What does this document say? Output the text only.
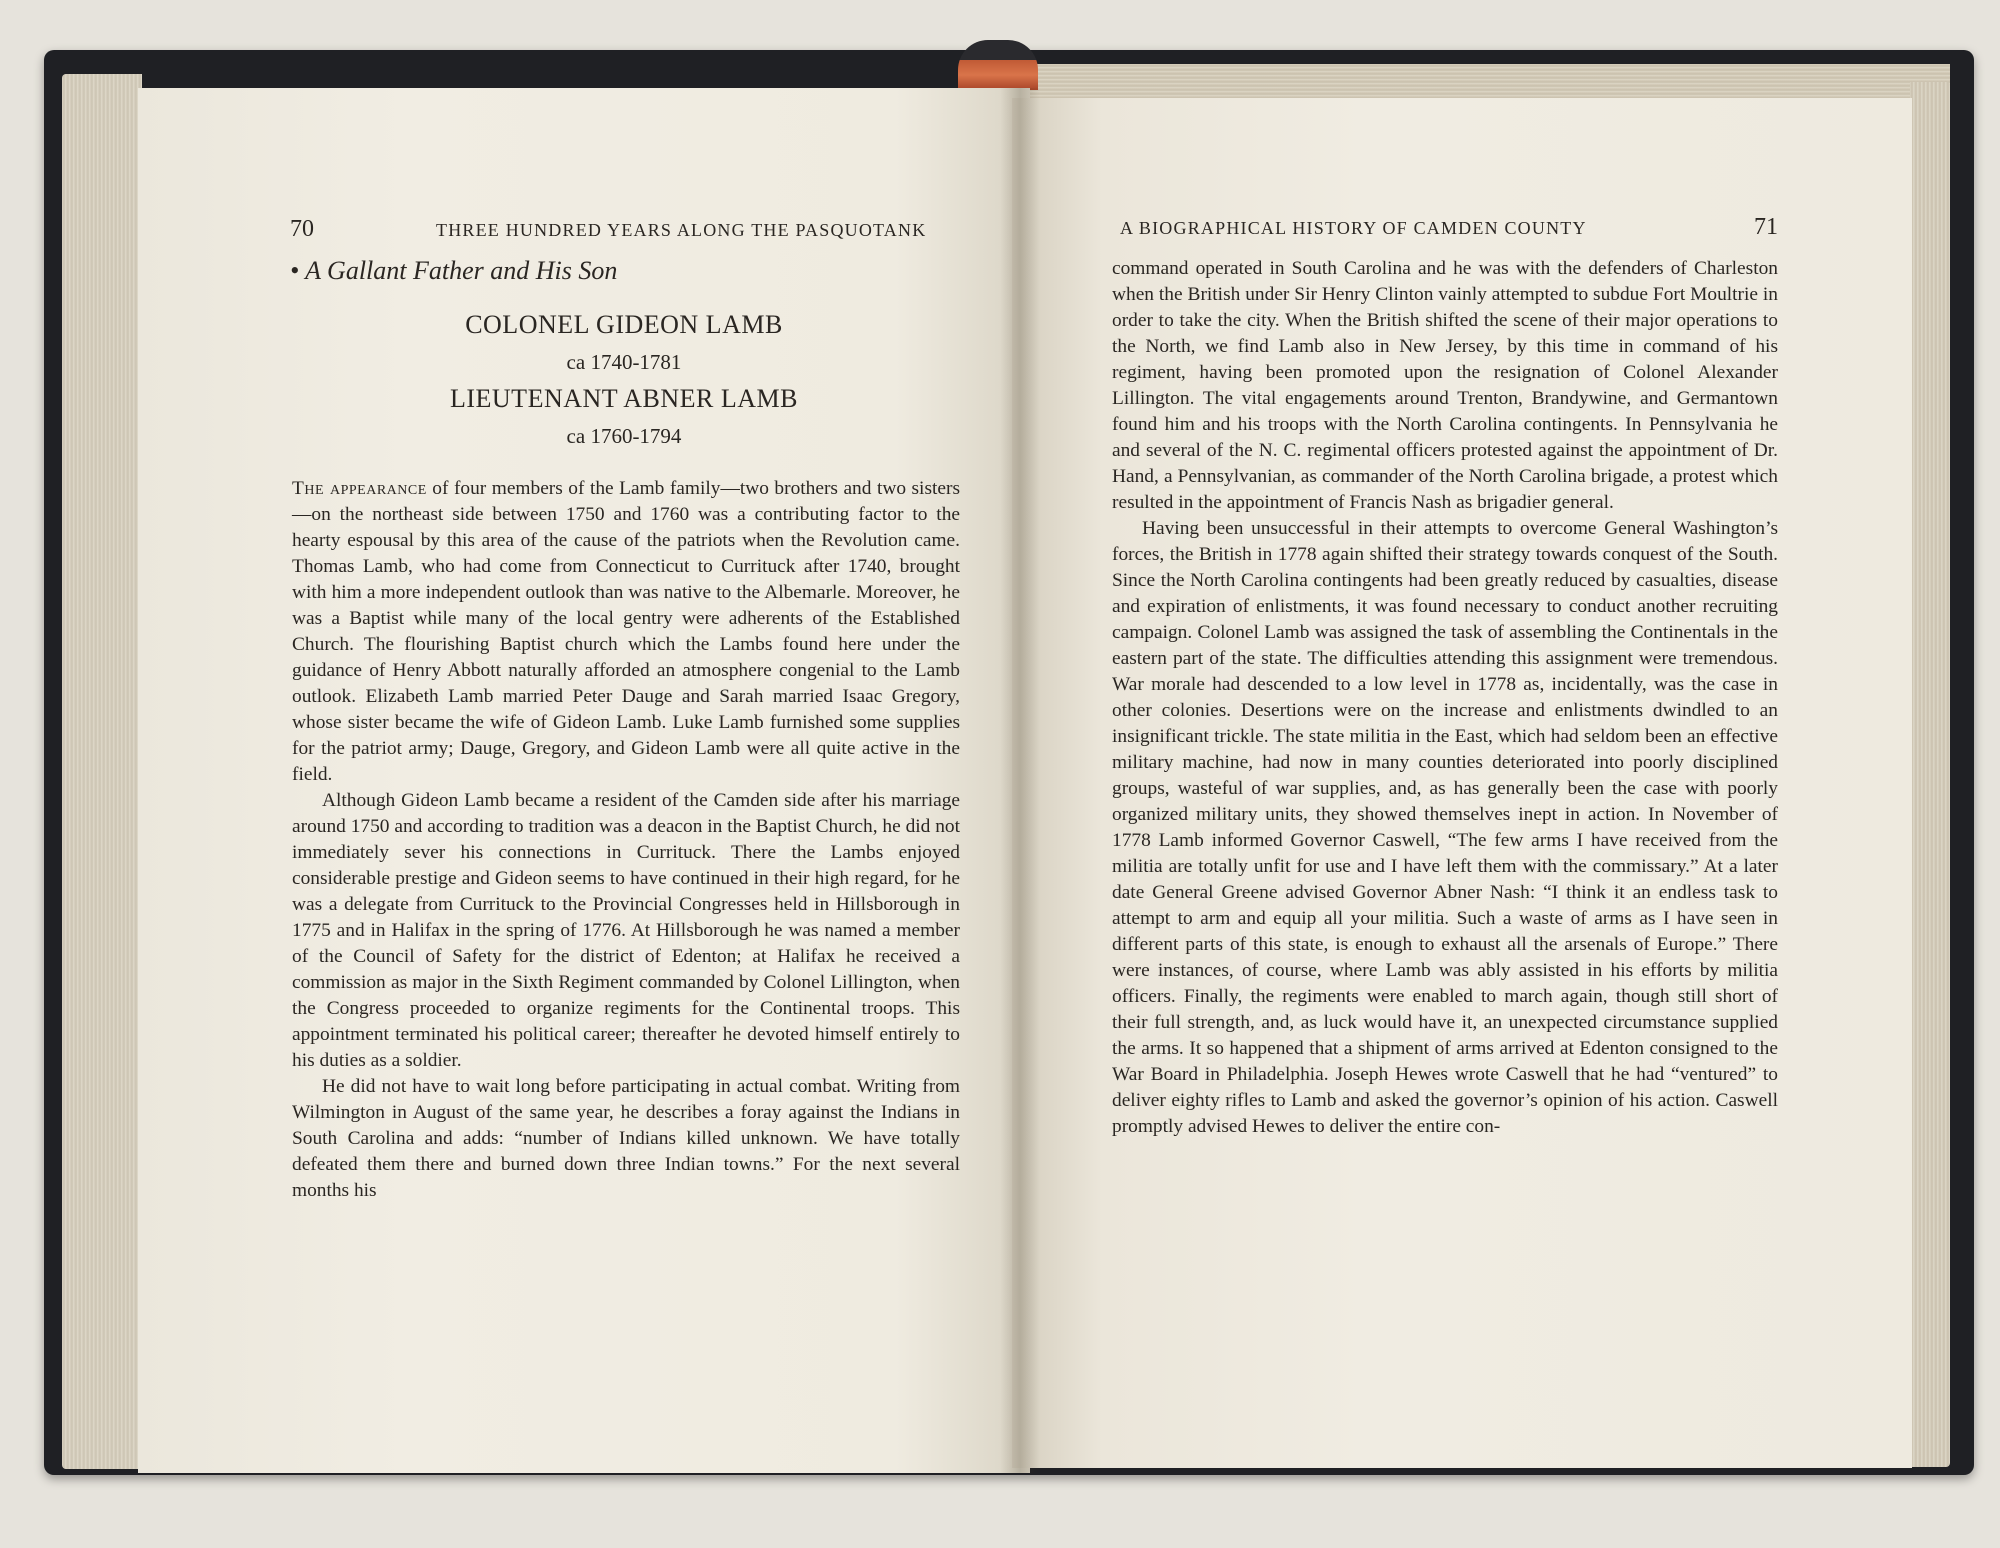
70	THREE HUNDRED YEARS ALONG THE PASQUOTANK
• A Gallant Father and His Son
COLONEL GIDEON LAMB
ca 1740-1781
LIEUTENANT ABNER LAMB
ca 1760-1794

The appearance of four members of the Lamb family—two brothers and two sisters—on the northeast side between 1750 and 1760 was a contributing factor to the hearty espousal by this area of the cause of the patriots when the Revolution came. Thomas Lamb, who had come from Connecticut to Currituck after 1740, brought with him a more independent outlook than was native to the Albemarle. Moreover, he was a Baptist while many of the local gentry were adherents of the Established Church. The flourishing Baptist church which the Lambs found here under the guidance of Henry Abbott naturally afforded an atmosphere congenial to the Lamb outlook. Elizabeth Lamb married Peter Dauge and Sarah married Isaac Gregory, whose sister became the wife of Gideon Lamb. Luke Lamb furnished some supplies for the patriot army; Dauge, Gregory, and Gideon Lamb were all quite active in the field.

Although Gideon Lamb became a resident of the Camden side after his marriage around 1750 and according to tradition was a deacon in the Baptist Church, he did not immediately sever his connections in Currituck. There the Lambs enjoyed considerable prestige and Gideon seems to have continued in their high regard, for he was a delegate from Currituck to the Provincial Congresses held in Hillsborough in 1775 and in Halifax in the spring of 1776. At Hillsborough he was named a member of the Council of Safety for the district of Edenton; at Halifax he received a commission as major in the Sixth Regiment commanded by Colonel Lillington, when the Congress proceeded to organize regiments for the Continental troops. This appointment terminated his political career; thereafter he devoted himself entirely to his duties as a soldier.

He did not have to wait long before participating in actual combat. Writing from Wilmington in August of the same year, he describes a foray against the Indians in South Carolina and adds: “number of Indians killed unknown. We have totally defeated them there and burned down three Indian towns.” For the next several months his

A BIOGRAPHICAL HISTORY OF CAMDEN COUNTY	71

command operated in South Carolina and he was with the defenders of Charleston when the British under Sir Henry Clinton vainly attempted to subdue Fort Moultrie in order to take the city. When the British shifted the scene of their major operations to the North, we find Lamb also in New Jersey, by this time in command of his regiment, having been promoted upon the resignation of Colonel Alexander Lillington. The vital engagements around Trenton, Brandywine, and Germantown found him and his troops with the North Carolina contingents. In Pennsylvania he and several of the N. C. regimental officers protested against the appointment of Dr. Hand, a Pennsylvanian, as commander of the North Carolina brigade, a protest which resulted in the appointment of Francis Nash as brigadier general.

Having been unsuccessful in their attempts to overcome General Washington’s forces, the British in 1778 again shifted their strategy towards conquest of the South. Since the North Carolina contingents had been greatly reduced by casualties, disease and expiration of enlistments, it was found necessary to conduct another recruiting campaign. Colonel Lamb was assigned the task of assembling the Continentals in the eastern part of the state. The difficulties attending this assignment were tremendous. War morale had descended to a low level in 1778 as, incidentally, was the case in other colonies. Desertions were on the increase and enlistments dwindled to an insignificant trickle. The state militia in the East, which had seldom been an effective military machine, had now in many counties deteriorated into poorly disciplined groups, wasteful of war supplies, and, as has generally been the case with poorly organized military units, they showed themselves inept in action. In November of 1778 Lamb informed Governor Caswell, “The few arms I have received from the militia are totally unfit for use and I have left them with the commissary.” At a later date General Greene advised Governor Abner Nash: “I think it an endless task to attempt to arm and equip all your militia. Such a waste of arms as I have seen in different parts of this state, is enough to exhaust all the arsenals of Europe.” There were instances, of course, where Lamb was ably assisted in his efforts by militia officers. Finally, the regiments were enabled to march again, though still short of their full strength, and, as luck would have it, an unexpected circumstance supplied the arms. It so happened that a shipment of arms arrived at Edenton consigned to the War Board in Philadelphia. Joseph Hewes wrote Caswell that he had “ventured” to deliver eighty rifles to Lamb and asked the governor’s opinion of his action. Caswell promptly advised Hewes to deliver the entire con-
